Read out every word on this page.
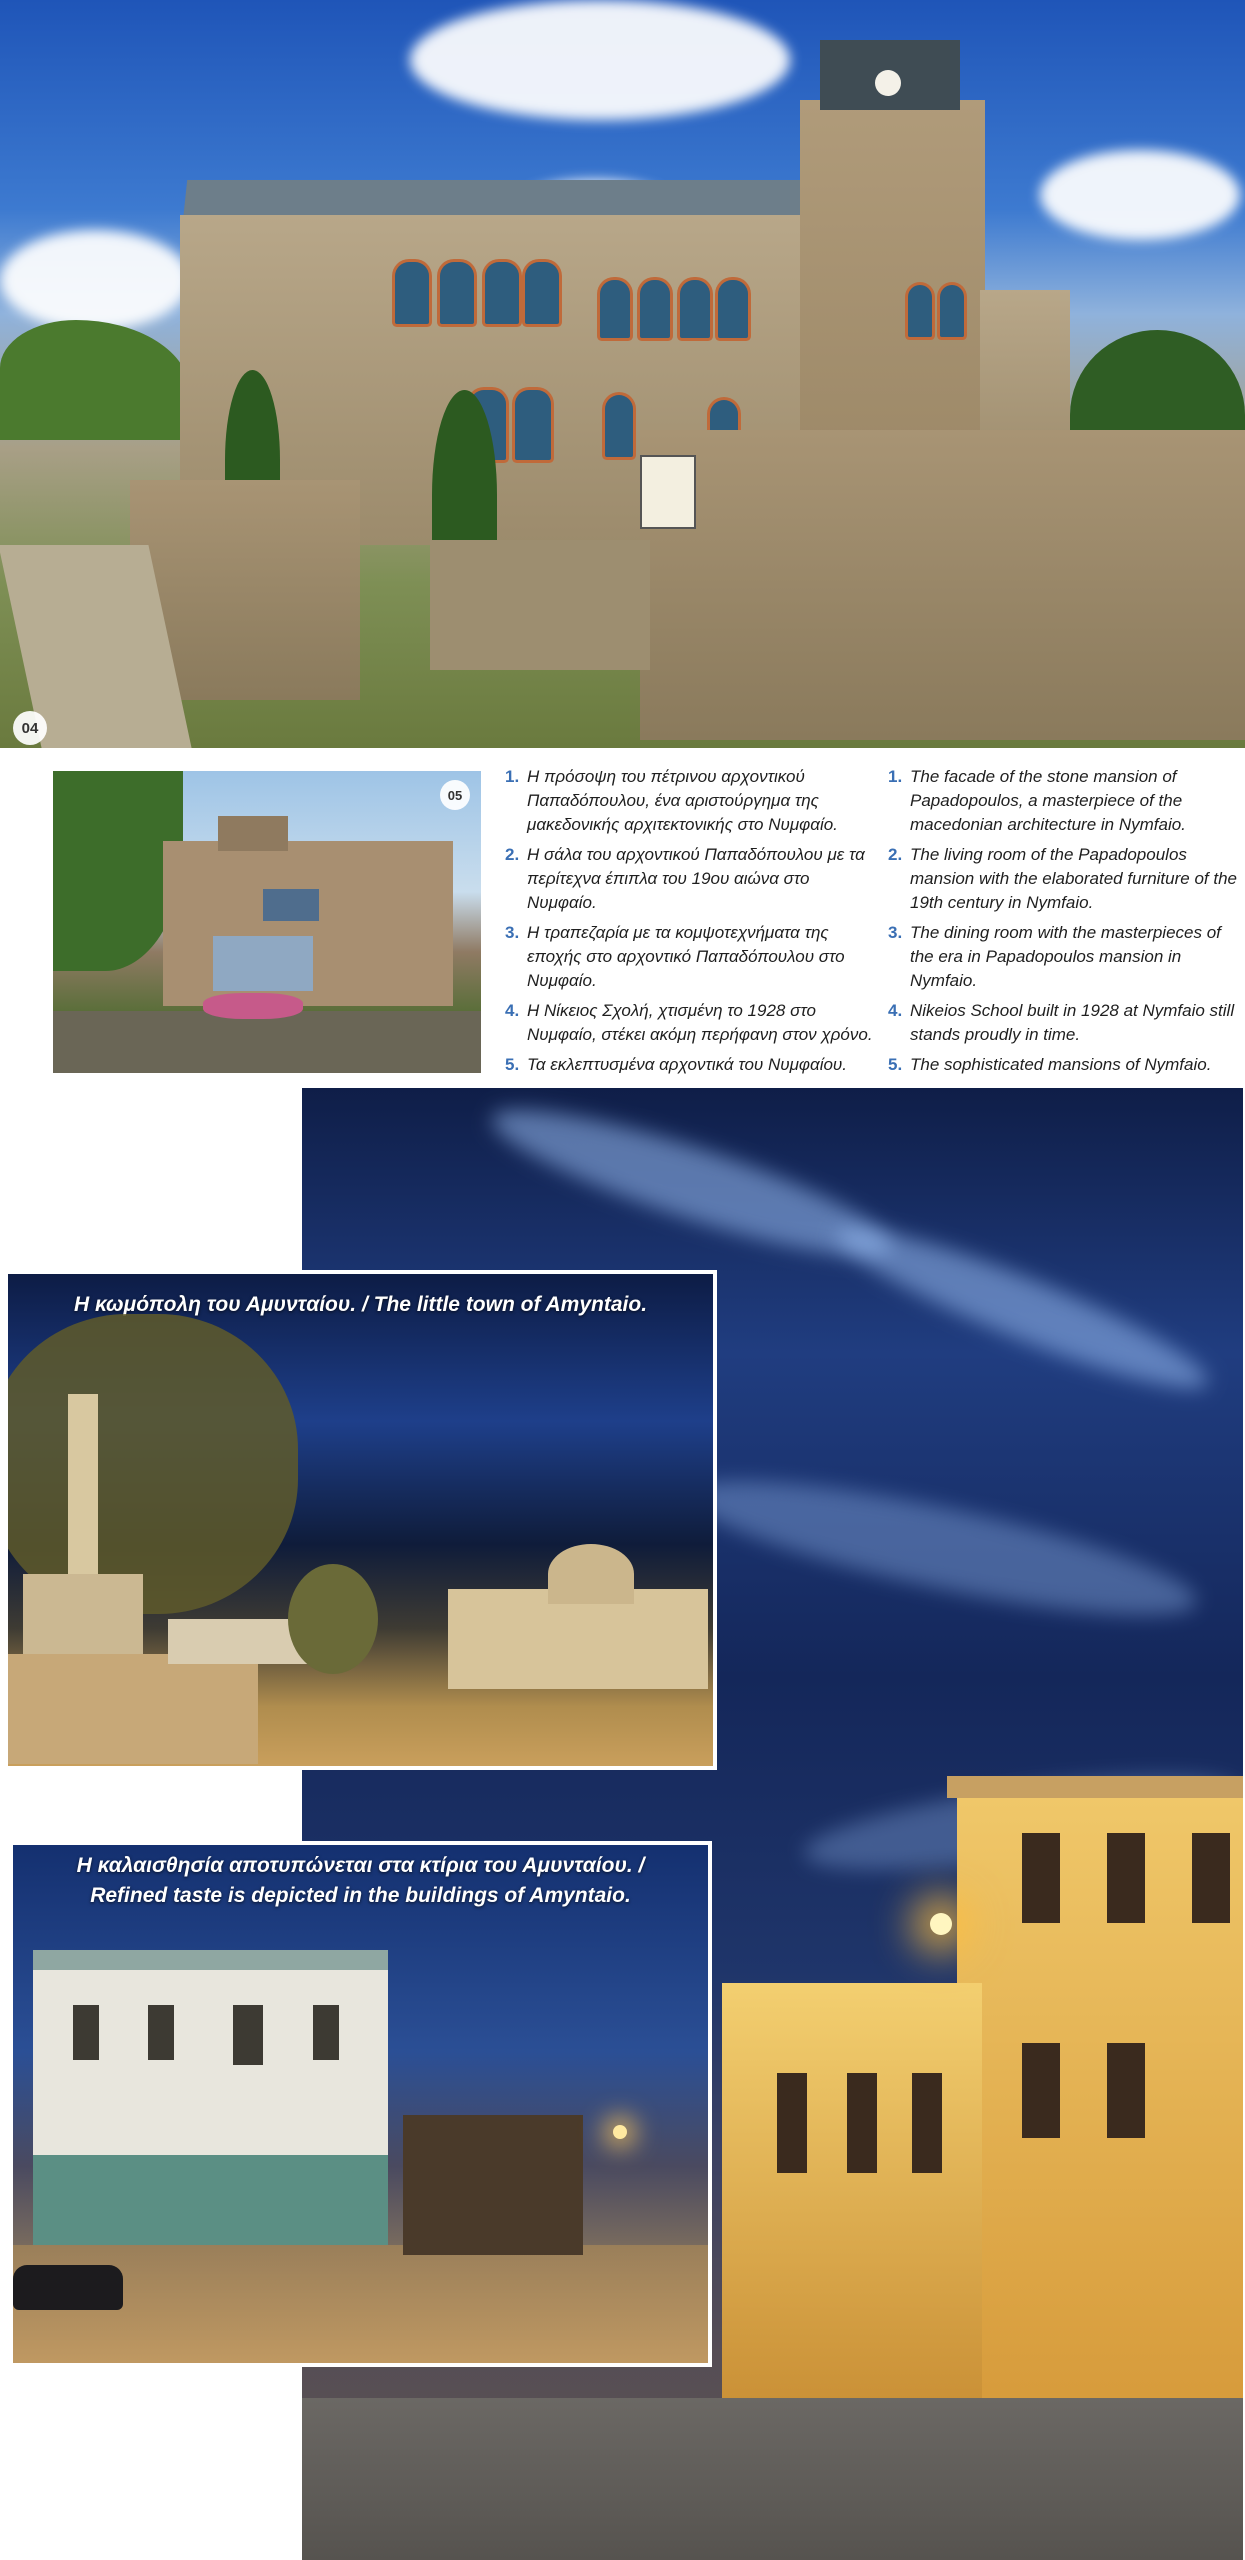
04
05
1. Η πρόσοψη του πέτρινου αρχοντικού Παπαδόπουλου, ένα αριστούργημα της μακεδονικής αρχιτεκτονικής στο Νυμφαίο.
2. Η σάλα του αρχοντικού Παπαδόπουλου με τα περίτεχνα έπιπλα του 19ου αιώνα στο Νυμφαίο.
3. Η τραπεζαρία με τα κομψοτεχνήματα της εποχής στο αρχοντικό Παπαδόπουλου στο Νυμφαίο.
4. Η Νίκειος Σχολή, χτισμένη το 1928 στο Νυμφαίο, στέκει ακόμη περήφανη στον χρόνο.
5. Τα εκλεπτυσμένα αρχοντικά του Νυμφαίου.
1. The facade of the stone mansion of Papadopoulos, a masterpiece of the macedonian architecture in Nymfaio.
2. The living room of the Papadopoulos mansion with the elaborated furniture of the 19th century in Nymfaio.
3. The dining room with the masterpieces of the era in Papadopoulos mansion in Nymfaio.
4. Nikeios School built in 1928 at Nymfaio still stands proudly in time.
5. The sophisticated mansions of Nymfaio.
Η κωμόπολη του Αμυνταίου. / The little town of Amyntaio.
Η καλαισθησία αποτυπώνεται στα κτίρια του Αμυνταίου. /
Refined taste is depicted in the buildings of Amyntaio.
